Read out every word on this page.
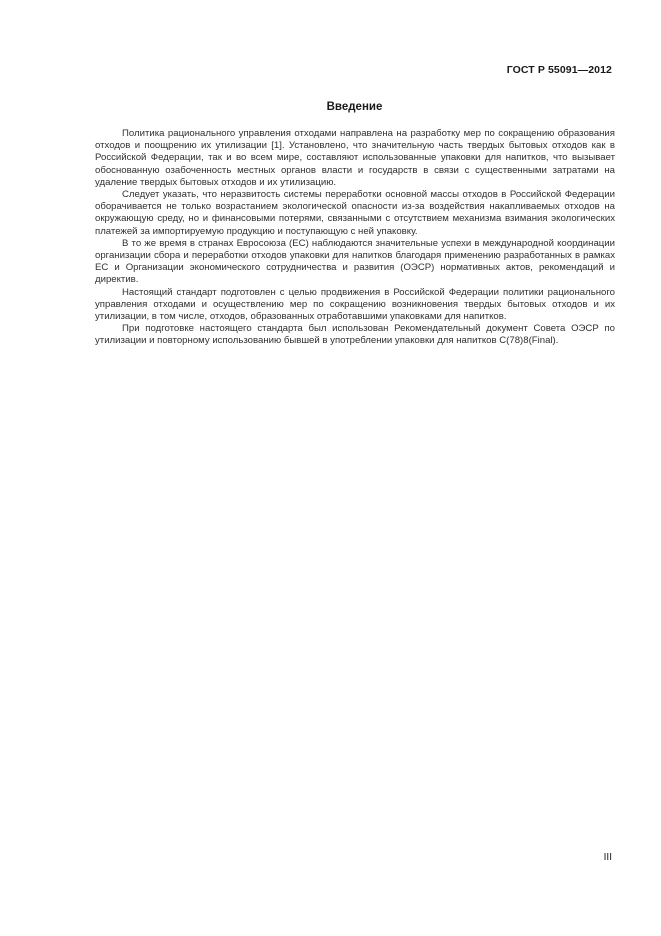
ГОСТ Р 55091—2012
Введение

Политика рационального управления отходами направлена на разработку мер по сокращению образования отходов и поощрению их утилизации [1]. Установлено, что значительную часть твердых бытовых отходов как в Российской Федерации, так и во всем мире, составляют использованные упаковки для напитков, что вызывает обоснованную озабоченность местных органов власти и государств в связи с существенными затратами на удаление твердых бытовых отходов и их утилизацию.

Следует указать, что неразвитость системы переработки основной массы отходов в Российской Федерации оборачивается не только возрастанием экологической опасности из-за воздействия накапливаемых отходов на окружающую среду, но и финансовыми потерями, связанными с отсутствием механизма взимания экологических платежей за импортируемую продукцию и поступающую с ней упаковку.

В то же время в странах Евросоюза (ЕС) наблюдаются значительные успехи в международной координации организации сбора и переработки отходов упаковки для напитков благодаря применению разработанных в рамках ЕС и Организации экономического сотрудничества и развития (ОЭСР) нормативных актов, рекомендаций и директив.

Настоящий стандарт подготовлен с целью продвижения в Российской Федерации политики рационального управления отходами и осуществлению мер по сокращению возникновения твердых бытовых отходов и их утилизации, в том числе, отходов, образованных отработавшими упаковками для напитков.

При подготовке настоящего стандарта был использован Рекомендательный документ Совета ОЭСР по утилизации и повторному использованию бывшей в употреблении упаковки для напитков C(78)8(Final).

III
